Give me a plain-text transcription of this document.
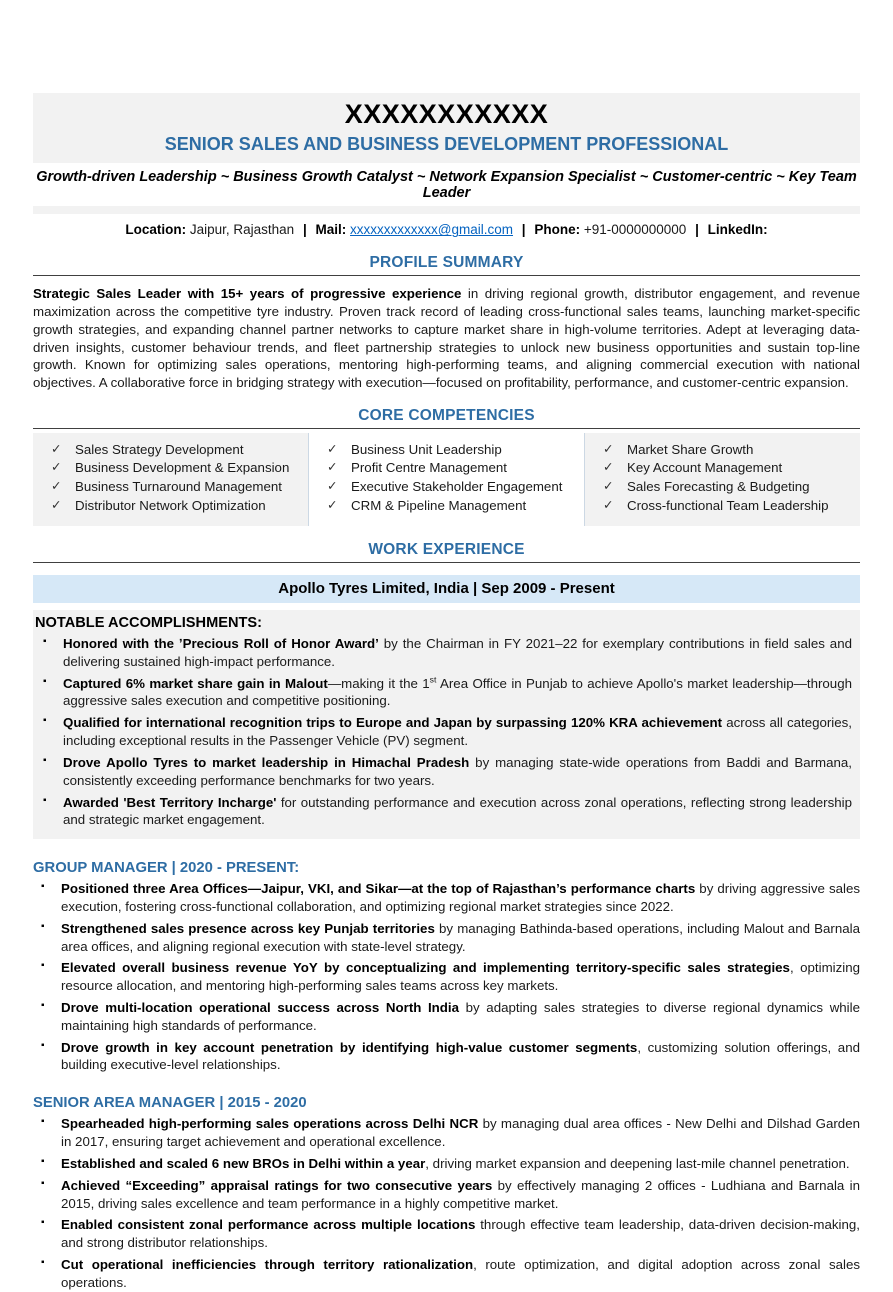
XXXXXXXXXXX
SENIOR SALES AND BUSINESS DEVELOPMENT PROFESSIONAL
Growth-driven Leadership ~ Business Growth Catalyst ~ Network Expansion Specialist ~ Customer-centric ~ Key Team Leader
Location: Jaipur, Rajasthan | Mail: xxxxxxxxxxxxx@gmail.com | Phone: +91-0000000000 | LinkedIn:
PROFILE SUMMARY

Strategic Sales Leader with 15+ years of progressive experience in driving regional growth, distributor engagement, and revenue maximization across the competitive tyre industry. Proven track record of leading cross-functional sales teams, launching market-specific growth strategies, and expanding channel partner networks to capture market share in high-volume territories. Adept at leveraging data-driven insights, customer behaviour trends, and fleet partnership strategies to unlock new business opportunities and sustain top-line growth. Known for optimizing sales operations, mentoring high-performing teams, and aligning commercial execution with national objectives. A collaborative force in bridging strategy with execution—focused on profitability, performance, and customer-centric expansion.

CORE COMPETENCIES
✓ Sales Strategy Development
✓ Business Development & Expansion
✓ Business Turnaround Management
✓ Distributor Network Optimization
✓ Business Unit Leadership
✓ Profit Centre Management
✓ Executive Stakeholder Engagement
✓ CRM & Pipeline Management
✓ Market Share Growth
✓ Key Account Management
✓ Sales Forecasting & Budgeting
✓ Cross-functional Team Leadership
WORK EXPERIENCE
Apollo Tyres Limited, India | Sep 2009 - Present
NOTABLE ACCOMPLISHMENTS:
▪ Honored with the ʼPrecious Roll of Honor Award’ by the Chairman in FY 2021–22 for exemplary contributions in field sales and delivering sustained high-impact performance.
▪ Captured 6% market share gain in Malout—making it the 1st Area Office in Punjab to achieve Apollo's market leadership—through aggressive sales execution and competitive positioning.
▪ Qualified for international recognition trips to Europe and Japan by surpassing 120% KRA achievement across all categories, including exceptional results in the Passenger Vehicle (PV) segment.
▪ Drove Apollo Tyres to market leadership in Himachal Pradesh by managing state-wide operations from Baddi and Barmana, consistently exceeding performance benchmarks for two years.
▪ Awarded 'Best Territory Incharge' for outstanding performance and execution across zonal operations, reflecting strong leadership and strategic market engagement.
GROUP MANAGER | 2020 - PRESENT:
▪ Positioned three Area Offices—Jaipur, VKI, and Sikar—at the top of Rajasthan’s performance charts by driving aggressive sales execution, fostering cross-functional collaboration, and optimizing regional market strategies since 2022.
▪ Strengthened sales presence across key Punjab territories by managing Bathinda-based operations, including Malout and Barnala area offices, and aligning regional execution with state-level strategy.
▪ Elevated overall business revenue YoY by conceptualizing and implementing territory-specific sales strategies, optimizing resource allocation, and mentoring high-performing sales teams across key markets.
▪ Drove multi-location operational success across North India by adapting sales strategies to diverse regional dynamics while maintaining high standards of performance.
▪ Drove growth in key account penetration by identifying high-value customer segments, customizing solution offerings, and building executive-level relationships.
SENIOR AREA MANAGER | 2015 - 2020
▪ Spearheaded high-performing sales operations across Delhi NCR by managing dual area offices - New Delhi and Dilshad Garden in 2017, ensuring target achievement and operational excellence.
▪ Established and scaled 6 new BROs in Delhi within a year, driving market expansion and deepening last-mile channel penetration.
▪ Achieved “Exceeding” appraisal ratings for two consecutive years by effectively managing 2 offices - Ludhiana and Barnala in 2015, driving sales excellence and team performance in a highly competitive market.
▪ Enabled consistent zonal performance across multiple locations through effective team leadership, data-driven decision-making, and strong distributor relationships.
▪ Cut operational inefficiencies through territory rationalization, route optimization, and digital adoption across zonal sales operations.
